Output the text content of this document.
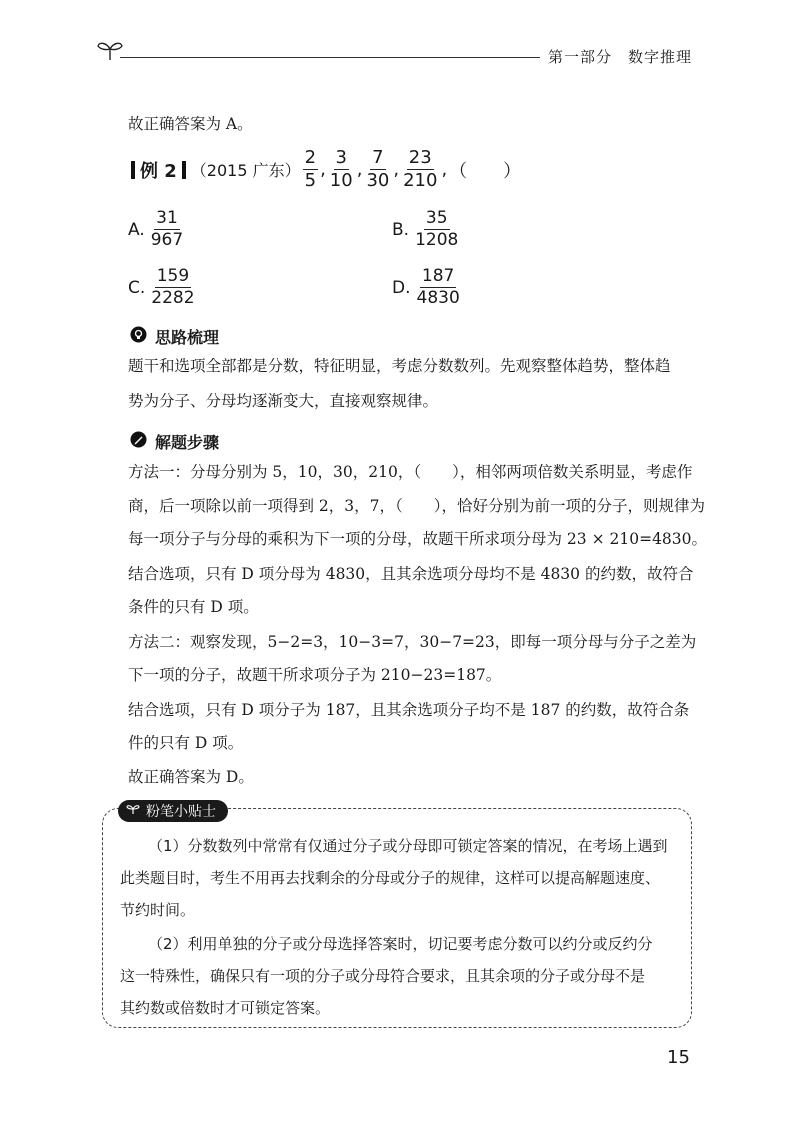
第一部分　数字推理
故正确答案为 A。
例 2 （2015 广东） $\frac{2}{5}$ , $\frac{3}{10}$ , $\frac{7}{30}$ , $\frac{23}{210}$ , （　　）
A. $\frac{31}{967}$	B. $\frac{35}{1208}$
C. $\frac{159}{2282}$	D. $\frac{187}{4830}$
思路梳理
题干和选项全部都是分数，特征明显，考虑分数数列。先观察整体趋势，整体趋
势为分子、分母均逐渐变大，直接观察规律。
解题步骤
方法一：分母分别为 5，10，30，210，（　　），相邻两项倍数关系明显，考虑作
商，后一项除以前一项得到 2，3，7，（　　），恰好分别为前一项的分子，则规律为
每一项分子与分母的乘积为下一项的分母，故题干所求项分母为 23 × 210=4830。
结合选项，只有 D 项分母为 4830，且其余选项分母均不是 4830 的约数，故符合
条件的只有 D 项。
方法二：观察发现，5−2=3，10−3=7，30−7=23，即每一项分母与分子之差为
下一项的分子，故题干所求项分子为 210−23=187。
结合选项，只有 D 项分子为 187，且其余选项分子均不是 187 的约数，故符合条
件的只有 D 项。
故正确答案为 D。
粉笔小贴士
（1）分数数列中常常有仅通过分子或分母即可锁定答案的情况，在考场上遇到
此类题目时，考生不用再去找剩余的分母或分子的规律，这样可以提高解题速度、
节约时间。
（2）利用单独的分子或分母选择答案时，切记要考虑分数可以约分或反约分
这一特殊性，确保只有一项的分子或分母符合要求，且其余项的分子或分母不是
其约数或倍数时才可锁定答案。
15
